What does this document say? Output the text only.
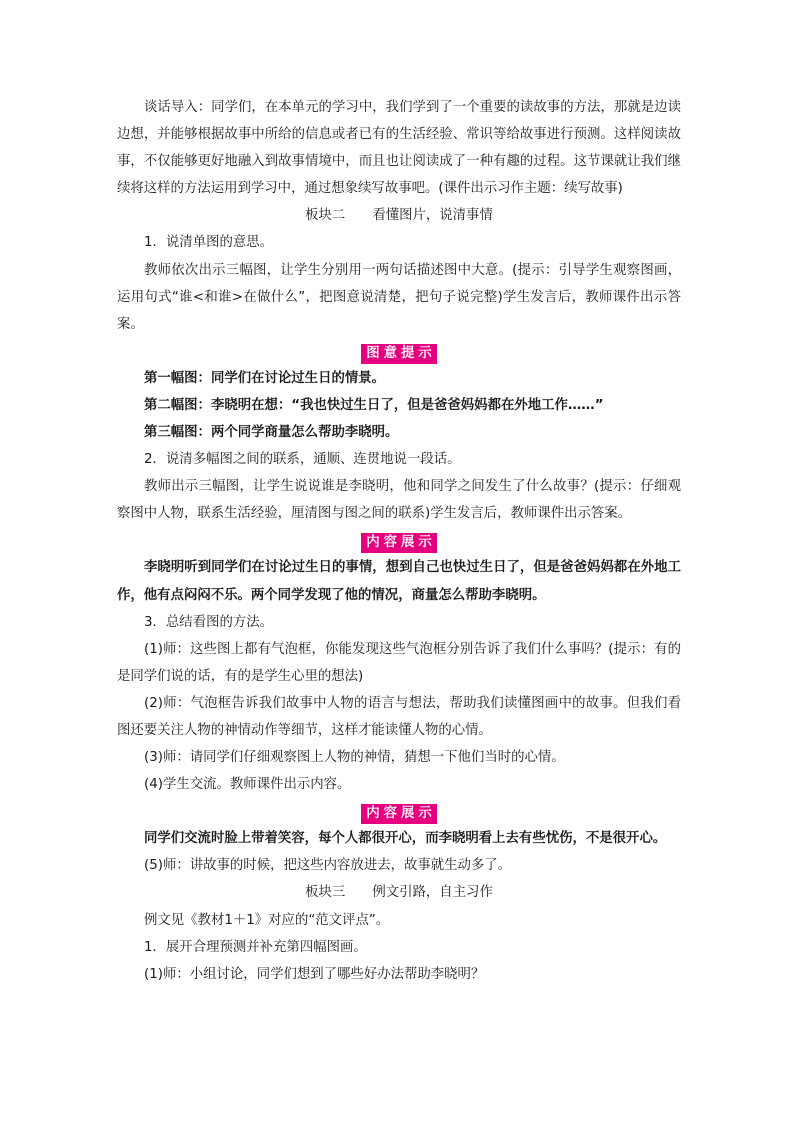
谈话导入：同学们，在本单元的学习中，我们学到了一个重要的读故事的方法，那就是边读边想，并能够根据故事中所给的信息或者已有的生活经验、常识等给故事进行预测。这样阅读故事，不仅能够更好地融入到故事情境中，而且也让阅读成了一种有趣的过程。这节课就让我们继续将这样的方法运用到学习中，通过想象续写故事吧。(课件出示习作主题：续写故事)

板块二 看懂图片，说清事情

1．说清单图的意思。

教师依次出示三幅图，让学生分别用一两句话描述图中大意。(提示：引导学生观察图画，运用句式“谁<和谁>在做什么”，把图意说清楚，把句子说完整)学生发言后，教师课件出示答案。

图意提示

第一幅图：同学们在讨论过生日的情景。

第二幅图：李晓明在想：“我也快过生日了，但是爸爸妈妈都在外地工作……”

第三幅图：两个同学商量怎么帮助李晓明。

2．说清多幅图之间的联系，通顺、连贯地说一段话。

教师出示三幅图，让学生说说谁是李晓明，他和同学之间发生了什么故事？(提示：仔细观察图中人物，联系生活经验，厘清图与图之间的联系)学生发言后，教师课件出示答案。

内容展示

李晓明听到同学们在讨论过生日的事情，想到自己也快过生日了，但是爸爸妈妈都在外地工作，他有点闷闷不乐。两个同学发现了他的情况，商量怎么帮助李晓明。

3．总结看图的方法。

(1)师：这些图上都有气泡框，你能发现这些气泡框分别告诉了我们什么事吗？(提示：有的是同学们说的话，有的是学生心里的想法)

(2)师：气泡框告诉我们故事中人物的语言与想法，帮助我们读懂图画中的故事。但我们看图还要关注人物的神情动作等细节，这样才能读懂人物的心情。

(3)师：请同学们仔细观察图上人物的神情，猜想一下他们当时的心情。

(4)学生交流。教师课件出示内容。

内容展示

同学们交流时脸上带着笑容，每个人都很开心，而李晓明看上去有些忧伤，不是很开心。

(5)师：讲故事的时候，把这些内容放进去，故事就生动多了。

板块三 例文引路，自主习作

例文见《教材1＋1》对应的“范文评点”。

1．展开合理预测并补充第四幅图画。

(1)师：小组讨论，同学们想到了哪些好办法帮助李晓明？
